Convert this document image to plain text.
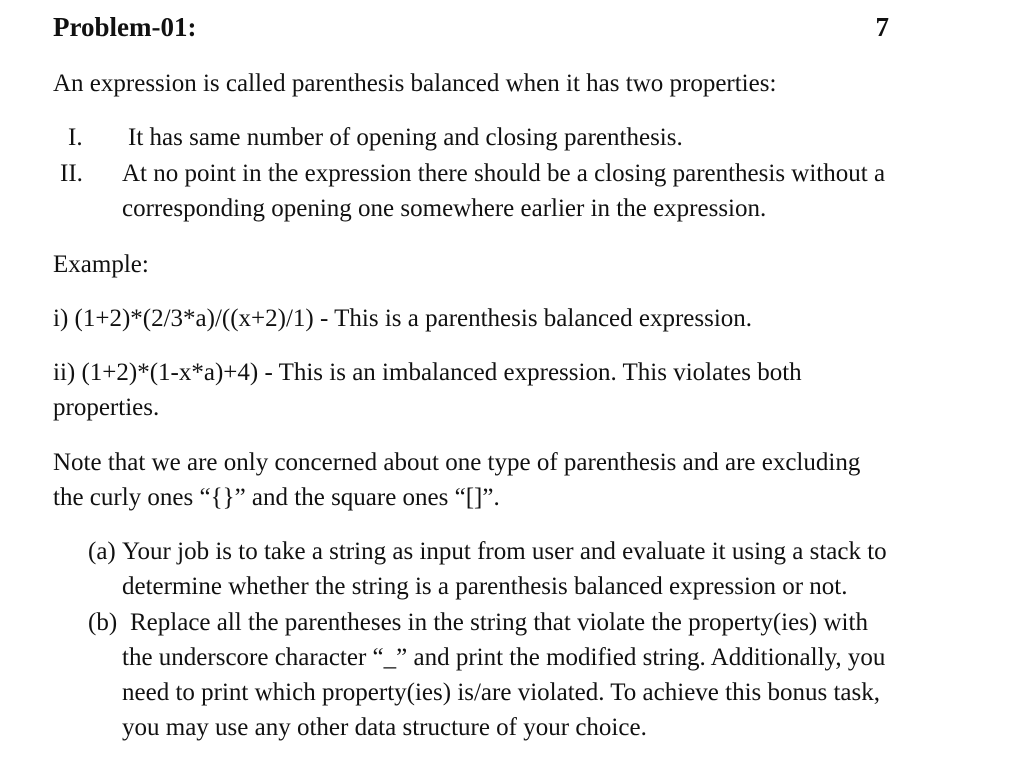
Problem-01:	7
An expression is called parenthesis balanced when it has two properties:
I. It has same number of opening and closing parenthesis.
II. At no point in the expression there should be a closing parenthesis without a
corresponding opening one somewhere earlier in the expression.
Example:
i) (1+2)*(2/3*a)/((x+2)/1) - This is a parenthesis balanced expression.
ii) (1+2)*(1-x*a)+4) - This is an imbalanced expression. This violates both
properties.
Note that we are only concerned about one type of parenthesis and are excluding
the curly ones “{}” and the square ones “[]”.
(a) Your job is to take a string as input from user and evaluate it using a stack to
determine whether the string is a parenthesis balanced expression or not.
(b) Replace all the parentheses in the string that violate the property(ies) with
the underscore character “_” and print the modified string. Additionally, you
need to print which property(ies) is/are violated. To achieve this bonus task,
you may use any other data structure of your choice.
